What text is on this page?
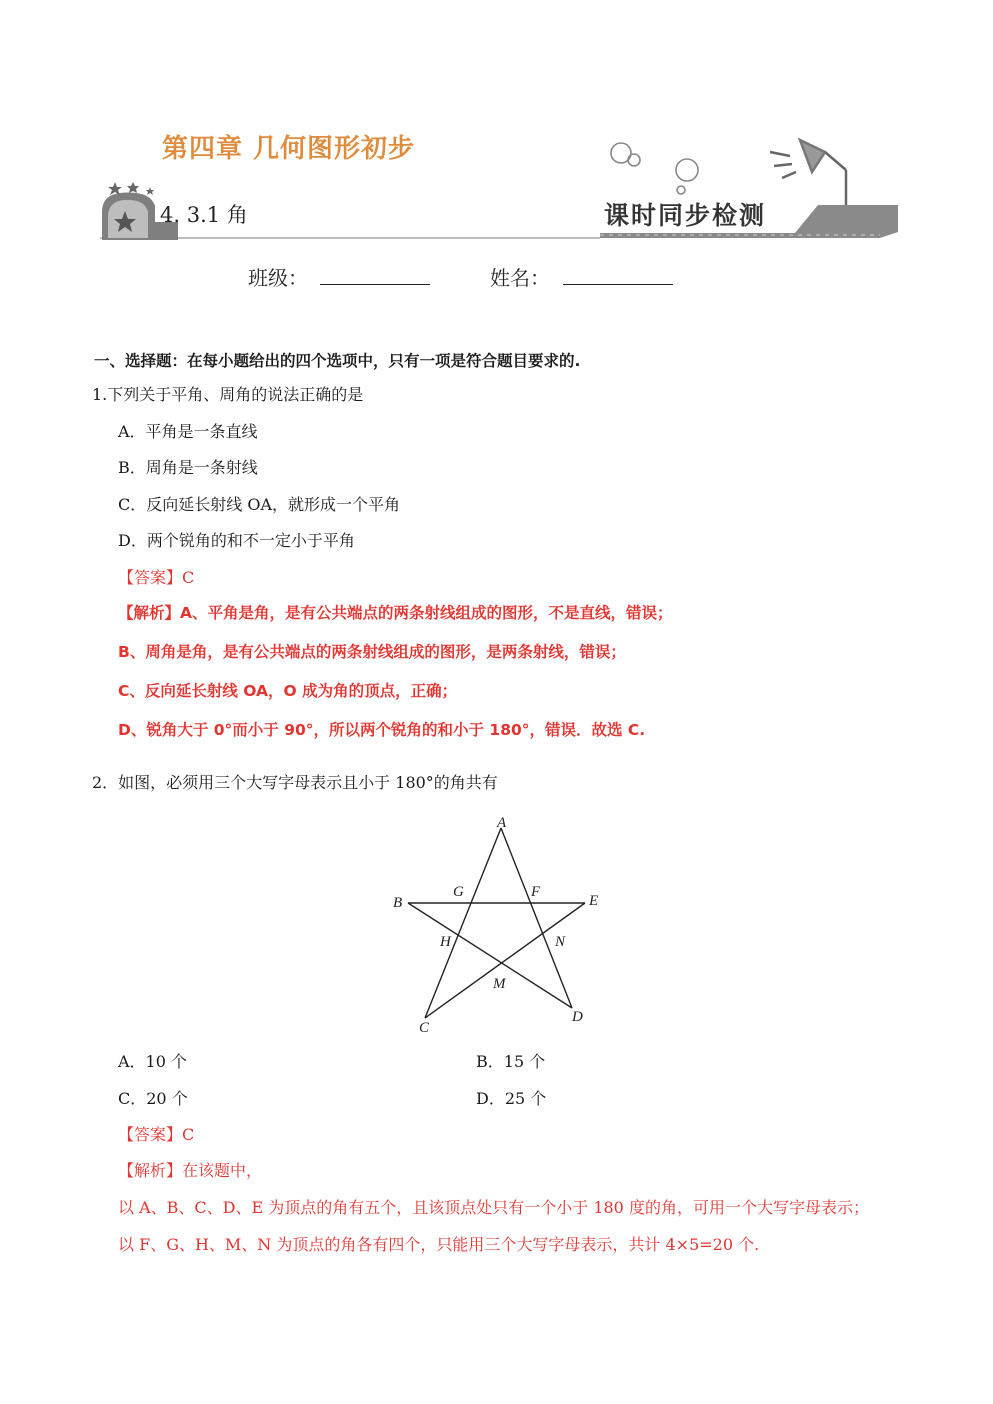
第四章 几何图形初步
4. 3.1 角	课时同步检测
班级：	姓名：
一、选择题：在每小题给出的四个选项中，只有一项是符合题目要求的.
1.下列关于平角、周角的说法正确的是
A．平角是一条直线
B．周角是一条射线
C．反向延长射线 OA，就形成一个平角
D．两个锐角的和不一定小于平角
【答案】C
【解析】A、平角是角，是有公共端点的两条射线组成的图形，不是直线，错误；
B、周角是角，是有公共端点的两条射线组成的图形，是两条射线，错误；
C、反向延长射线 OA，O 成为角的顶点，正确；
D、锐角大于 0°而小于 90°，所以两个锐角的和小于 180°，错误．故选 C.
2．如图，必须用三个大写字母表示且小于 180°的角共有
A
B
C
D
E
F
G
H
M
N
A．10 个	B．15 个
C．20 个	D．25 个
【答案】C
【解析】在该题中，
以 A、B、C、D、E 为顶点的角有五个，且该顶点处只有一个小于 180 度的角，可用一个大写字母表示；
以 F、G、H、M、N 为顶点的角各有四个，只能用三个大写字母表示，共计 4×5=20 个.
